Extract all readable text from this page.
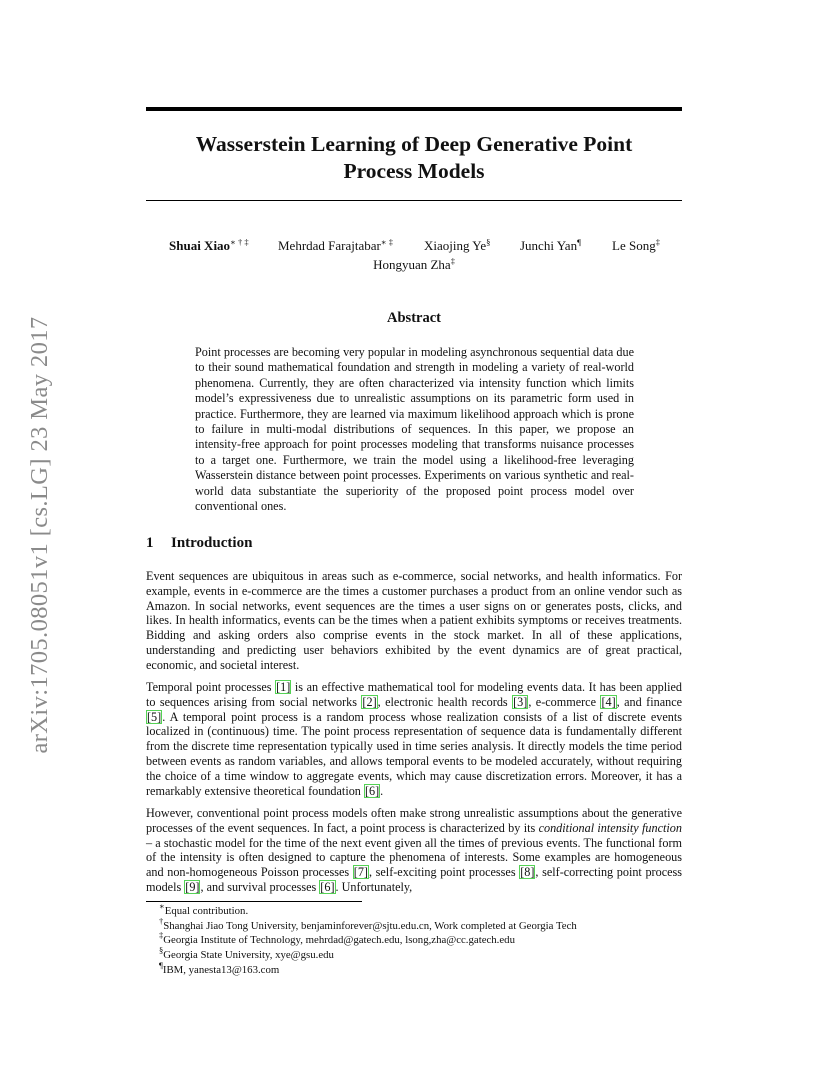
Wasserstein Learning of Deep Generative Point
Process Models
arXiv:1705.08051v1 [cs.LG] 23 May 2017
Shuai Xiao∗ † ‡ Mehrdad Farajtabar∗ ‡ Xiaojing Ye§ Junchi Yan¶ Le Song‡
Hongyuan Zha‡
Abstract

Point processes are becoming very popular in modeling asynchronous sequential data due to their sound mathematical foundation and strength in modeling a variety of real-world phenomena. Currently, they are often characterized via intensity function which limits model’s expressiveness due to unrealistic assumptions on its parametric form used in practice. Furthermore, they are learned via maximum likelihood approach which is prone to failure in multi-modal distributions of sequences. In this paper, we propose an intensity-free approach for point processes modeling that transforms nuisance processes to a target one. Furthermore, we train the model using a likelihood-free leveraging Wasserstein distance between point processes. Experiments on various synthetic and real-world data substantiate the superiority of the proposed point process model over conventional ones.

1 Introduction

Event sequences are ubiquitous in areas such as e-commerce, social networks, and health informatics. For example, events in e-commerce are the times a customer purchases a product from an online vendor such as Amazon. In social networks, event sequences are the times a user signs on or generates posts, clicks, and likes. In health informatics, events can be the times when a patient exhibits symptoms or receives treatments. Bidding and asking orders also comprise events in the stock market. In all of these applications, understanding and predicting user behaviors exhibited by the event dynamics are of great practical, economic, and societal interest.

Temporal point processes [1] is an effective mathematical tool for modeling events data. It has been applied to sequences arising from social networks [2], electronic health records [3], e-commerce [4], and finance [5]. A temporal point process is a random process whose realization consists of a list of discrete events localized in (continuous) time. The point process representation of sequence data is fundamentally different from the discrete time representation typically used in time series analysis. It directly models the time period between events as random variables, and allows temporal events to be modeled accurately, without requiring the choice of a time window to aggregate events, which may cause discretization errors. Moreover, it has a remarkably extensive theoretical foundation [6].

However, conventional point process models often make strong unrealistic assumptions about the generative processes of the event sequences. In fact, a point process is characterized by its conditional intensity function – a stochastic model for the time of the next event given all the times of previous events. The functional form of the intensity is often designed to capture the phenomena of interests. Some examples are homogeneous and non-homogeneous Poisson processes [7], self-exciting point processes [8], self-correcting point process models [9], and survival processes [6]. Unfortunately,

∗Equal contribution.
†Shanghai Jiao Tong University, benjaminforever@sjtu.edu.cn, Work completed at Georgia Tech
‡Georgia Institute of Technology, mehrdad@gatech.edu, lsong,zha@cc.gatech.edu
§Georgia State University, xye@gsu.edu
¶IBM, yanesta13@163.com
